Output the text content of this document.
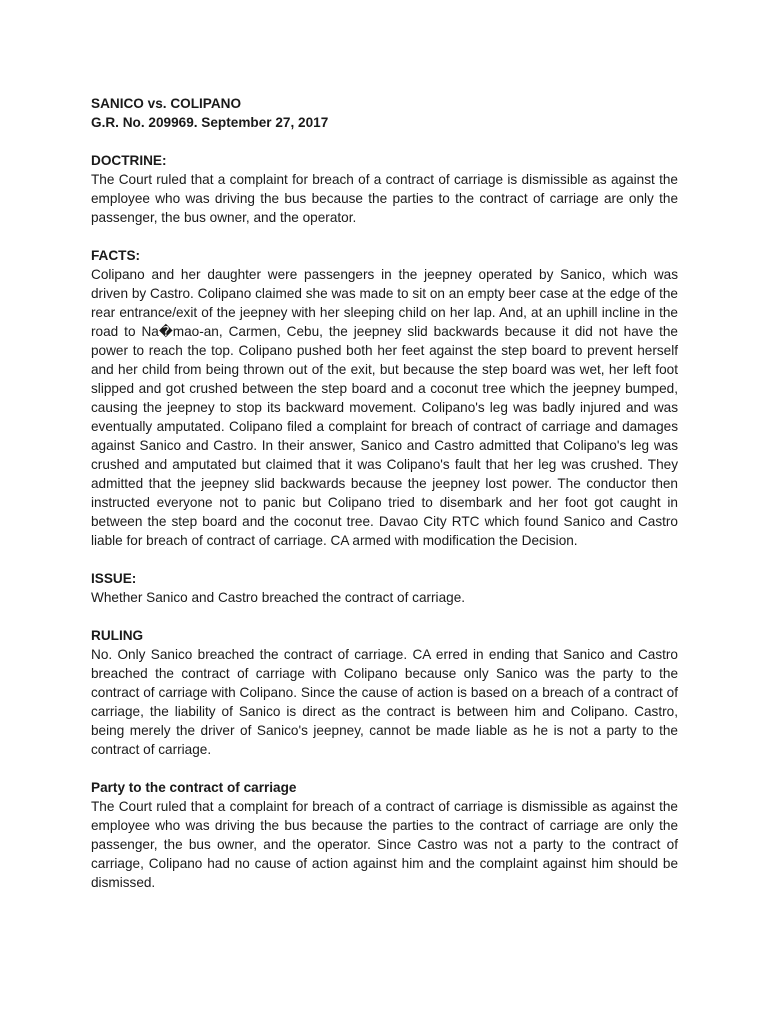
SANICO vs. COLIPANO

G.R. No. 209969. September 27, 2017

DOCTRINE:

The Court ruled that a complaint for breach of a contract of carriage is dismissible as against the employee who was driving the bus because the parties to the contract of carriage are only the passenger, the bus owner, and the operator.

FACTS:

Colipano and her daughter were passengers in the jeepney operated by Sanico, which was driven by Castro. Colipano claimed she was made to sit on an empty beer case at the edge of the rear entrance/exit of the jeepney with her sleeping child on her lap. And, at an uphill incline in the road to Na�mao-an, Carmen, Cebu, the jeepney slid backwards because it did not have the power to reach the top. Colipano pushed both her feet against the step board to prevent herself and her child from being thrown out of the exit, but because the step board was wet, her left foot slipped and got crushed between the step board and a coconut tree which the jeepney bumped, causing the jeepney to stop its backward movement. Colipano's leg was badly injured and was eventually amputated. Colipano filed a complaint for breach of contract of carriage and damages against Sanico and Castro. In their answer, Sanico and Castro admitted that Colipano's leg was crushed and amputated but claimed that it was Colipano's fault that her leg was crushed. They admitted that the jeepney slid backwards because the jeepney lost power. The conductor then instructed everyone not to panic but Colipano tried to disembark and her foot got caught in between the step board and the coconut tree. Davao City RTC which found Sanico and Castro liable for breach of contract of carriage. CA armed with modification the Decision.

ISSUE:

Whether Sanico and Castro breached the contract of carriage.

RULING

No. Only Sanico breached the contract of carriage. CA erred in ending that Sanico and Castro breached the contract of carriage with Colipano because only Sanico was the party to the contract of carriage with Colipano. Since the cause of action is based on a breach of a contract of carriage, the liability of Sanico is direct as the contract is between him and Colipano. Castro, being merely the driver of Sanico's jeepney, cannot be made liable as he is not a party to the contract of carriage.

Party to the contract of carriage

The Court ruled that a complaint for breach of a contract of carriage is dismissible as against the employee who was driving the bus because the parties to the contract of carriage are only the passenger, the bus owner, and the operator. Since Castro was not a party to the contract of carriage, Colipano had no cause of action against him and the complaint against him should be dismissed.
